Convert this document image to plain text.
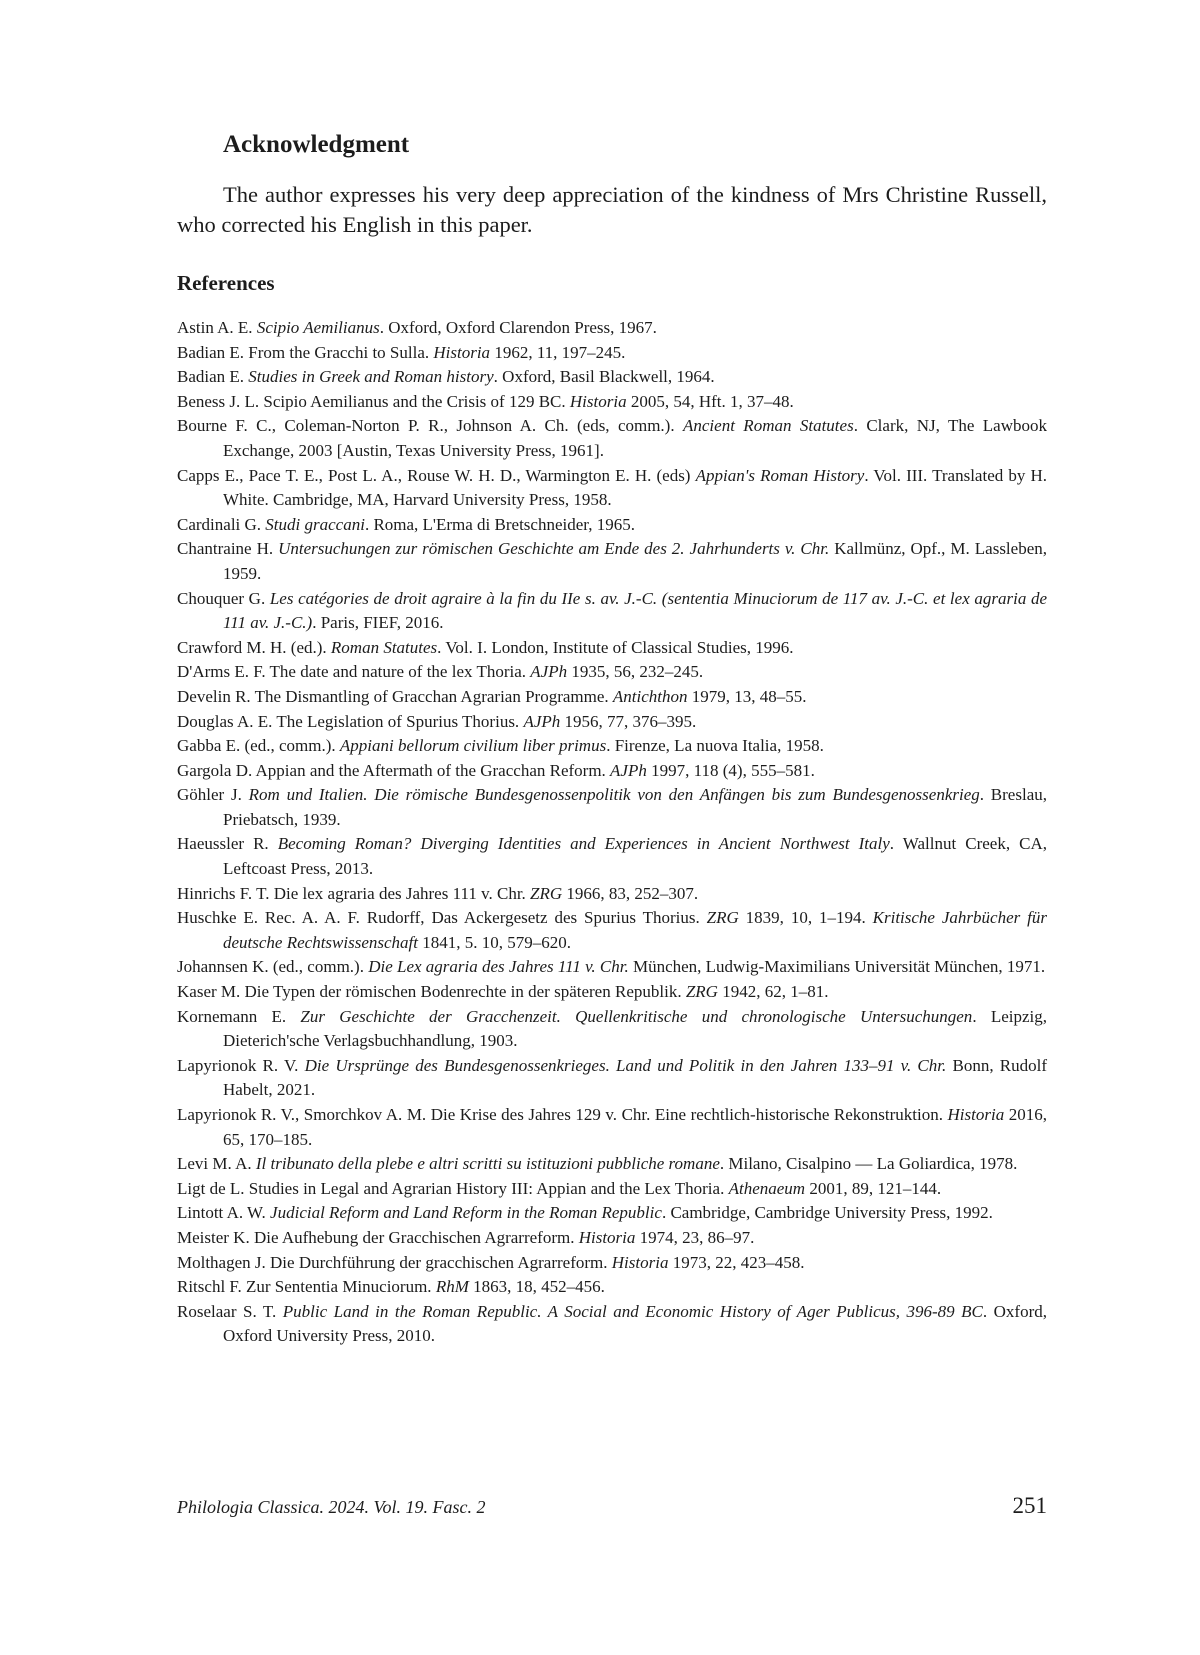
Acknowledgment

The author expresses his very deep appreciation of the kindness of Mrs Christine Russell, who corrected his English in this paper.

References
Astin A. E. Scipio Aemilianus. Oxford, Oxford Clarendon Press, 1967.
Badian E. From the Gracchi to Sulla. Historia 1962, 11, 197–245.
Badian E. Studies in Greek and Roman history. Oxford, Basil Blackwell, 1964.
Beness J. L. Scipio Aemilianus and the Crisis of 129 BC. Historia 2005, 54, Hft. 1, 37–48.
Bourne F. C., Coleman-Norton P. R., Johnson A. Ch. (eds, comm.). Ancient Roman Statutes. Clark, NJ, The Lawbook Exchange, 2003 [Austin, Texas University Press, 1961].
Capps E., Pace T. E., Post L. A., Rouse W. H. D., Warmington E. H. (eds) Appian's Roman History. Vol. III. Translated by H. White. Cambridge, MA, Harvard University Press, 1958.
Cardinali G. Studi graccani. Roma, L'Erma di Bretschneider, 1965.
Chantraine H. Untersuchungen zur römischen Geschichte am Ende des 2. Jahrhunderts v. Chr. Kallmünz, Opf., M. Lassleben, 1959.
Chouquer G. Les catégories de droit agraire à la fin du IIe s. av. J.-C. (sententia Minuciorum de 117 av. J.-C. et lex agraria de 111 av. J.-C.). Paris, FIEF, 2016.
Crawford M. H. (ed.). Roman Statutes. Vol. I. London, Institute of Classical Studies, 1996.
D'Arms E. F. The date and nature of the lex Thoria. AJPh 1935, 56, 232–245.
Develin R. The Dismantling of Gracchan Agrarian Programme. Antichthon 1979, 13, 48–55.
Douglas A. E. The Legislation of Spurius Thorius. AJPh 1956, 77, 376–395.
Gabba E. (ed., comm.). Appiani bellorum civilium liber primus. Firenze, La nuova Italia, 1958.
Gargola D. Appian and the Aftermath of the Gracchan Reform. AJPh 1997, 118 (4), 555–581.
Göhler J. Rom und Italien. Die römische Bundesgenossenpolitik von den Anfängen bis zum Bundesgenossenkrieg. Breslau, Priebatsch, 1939.
Haeussler R. Becoming Roman? Diverging Identities and Experiences in Ancient Northwest Italy. Wallnut Creek, CA, Leftcoast Press, 2013.
Hinrichs F. T. Die lex agraria des Jahres 111 v. Chr. ZRG 1966, 83, 252–307.
Huschke E. Rec. A. A. F. Rudorff, Das Ackergesetz des Spurius Thorius. ZRG 1839, 10, 1–194. Kritische Jahrbücher für deutsche Rechtswissenschaft 1841, 5. 10, 579–620.
Johannsen K. (ed., comm.). Die Lex agraria des Jahres 111 v. Chr. München, Ludwig-Maximilians Universität München, 1971.
Kaser M. Die Typen der römischen Bodenrechte in der späteren Republik. ZRG 1942, 62, 1–81.
Kornemann E. Zur Geschichte der Gracchenzeit. Quellenkritische und chronologische Untersuchungen. Leipzig, Dieterich'sche Verlagsbuchhandlung, 1903.
Lapyrionok R. V. Die Ursprünge des Bundesgenossenkrieges. Land und Politik in den Jahren 133–91 v. Chr. Bonn, Rudolf Habelt, 2021.
Lapyrionok R. V., Smorchkov A. M. Die Krise des Jahres 129 v. Chr. Eine rechtlich-historische Rekonstruktion. Historia 2016, 65, 170–185.
Levi M. A. Il tribunato della plebe e altri scritti su istituzioni pubbliche romane. Milano, Cisalpino — La Goliardica, 1978.
Ligt de L. Studies in Legal and Agrarian History III: Appian and the Lex Thoria. Athenaeum 2001, 89, 121–144.
Lintott A. W. Judicial Reform and Land Reform in the Roman Republic. Cambridge, Cambridge University Press, 1992.
Meister K. Die Aufhebung der Gracchischen Agrarreform. Historia 1974, 23, 86–97.
Molthagen J. Die Durchführung der gracchischen Agrarreform. Historia 1973, 22, 423–458.
Ritschl F. Zur Sententia Minuciorum. RhM 1863, 18, 452–456.
Roselaar S. T. Public Land in the Roman Republic. A Social and Economic History of Ager Publicus, 396-89 BC. Oxford, Oxford University Press, 2010.
Philologia Classica. 2024. Vol. 19. Fasc. 2	251
